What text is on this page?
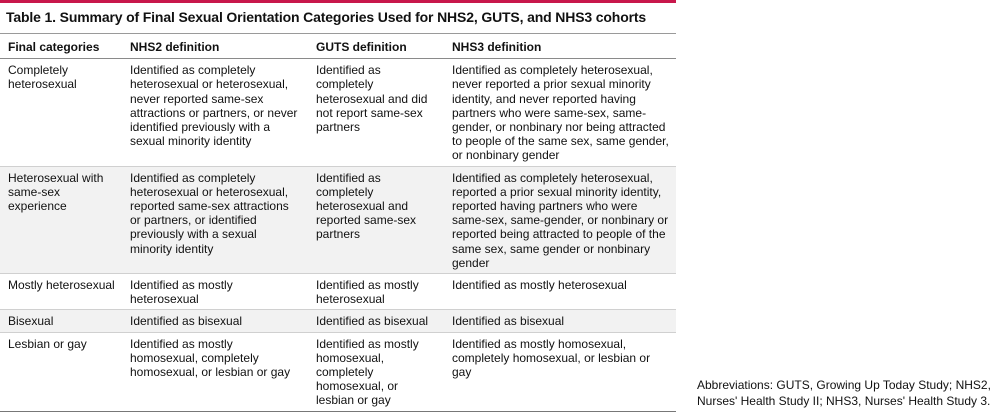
Table 1. Summary of Final Sexual Orientation Categories Used for NHS2, GUTS, and NHS3 cohorts
Final categories	NHS2 definition	GUTS definition	NHS3 definition
Completely heterosexual	Identified as completely heterosexual or heterosexual, never reported same-sex attractions or partners, or never identified previously with a sexual minority identity	Identified as completely heterosexual and did not report same-sex partners	Identified as completely heterosexual, never reported a prior sexual minority identity, and never reported having partners who were same-sex, same-gender, or nonbinary nor being attracted to people of the same sex, same gender, or nonbinary gender
Heterosexual with same-sex experience	Identified as completely heterosexual or heterosexual, reported same-sex attractions or partners, or identified previously with a sexual minority identity	Identified as completely heterosexual and reported same-sex partners	Identified as completely heterosexual, reported a prior sexual minority identity, reported having partners who were same-sex, same-gender, or nonbinary or reported being attracted to people of the same sex, same gender or nonbinary gender
Mostly heterosexual	Identified as mostly heterosexual	Identified as mostly heterosexual	Identified as mostly heterosexual
Bisexual	Identified as bisexual	Identified as bisexual	Identified as bisexual
Lesbian or gay	Identified as mostly homosexual, completely homosexual, or lesbian or gay	Identified as mostly homosexual, completely homosexual, or lesbian or gay	Identified as mostly homosexual, completely homosexual, or lesbian or gay
Abbreviations: GUTS, Growing Up Today Study; NHS2, Nurses' Health Study II; NHS3, Nurses' Health Study 3.
